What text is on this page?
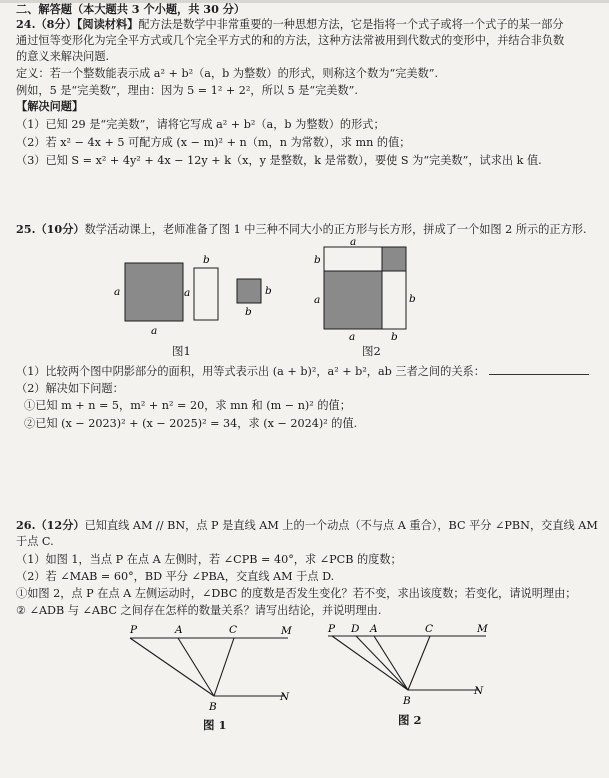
二、解答题（本大题共 3 个小题，共 30 分）
24.（8分）【阅读材料】配方法是数学中非常重要的一种思想方法，它是指将一个式子或将一个式子的某一部分
通过恒等变形化为完全平方式或几个完全平方式的和的方法，这种方法常被用到代数式的变形中，并结合非负数
的意义来解决问题.
定义：若一个整数能表示成 a² + b²（a，b 为整数）的形式，则称这个数为“完美数”.
例如，5 是“完美数”，理由：因为 5 = 1² + 2²，所以 5 是“完美数”.
【解决问题】
（1）已知 29 是“完美数”，请将它写成 a² + b²（a，b 为整数）的形式；
（2）若 x² − 4x + 5 可配方成 (x − m)² + n（m，n 为常数），求 mn 的值；
（3）已知 S = x² + 4y² + 4x − 12y + k（x，y 是整数，k 是常数），要使 S 为“完美数”，试求出 k 值.
25.（10分）数学活动课上，老师准备了图 1 中三种不同大小的正方形与长方形，拼成了一个如图 2 所示的正方形.
a
a
b
a	b
b
图1
a
b
a	b
a	b
图2
（1）比较两个图中阴影部分的面积，用等式表示出 (a + b)²，a² + b²，ab 三者之间的关系：
（2）解决如下问题：
①已知 m + n = 5，m² + n² = 20，求 mn 和 (m − n)² 的值；
②已知 (x − 2023)² + (x − 2025)² = 34，求 (x − 2024)² 的值.
26.（12分）已知直线 AM // BN，点 P 是直线 AM 上的一个动点（不与点 A 重合），BC 平分 ∠PBN，交直线 AM
于点 C.
（1）如图 1，当点 P 在点 A 左侧时，若 ∠CPB = 40°，求 ∠PCB 的度数；
（2）若 ∠MAB = 60°，BD 平分 ∠PBA，交直线 AM 于点 D.
①如图 2，点 P 在点 A 左侧运动时，∠DBC 的度数是否发生变化？若不变，求出该度数；若变化，请说明理由；
② ∠ADB 与 ∠ABC 之间存在怎样的数量关系？请写出结论，并说明理由.
P	A	C	M
B
N
图 1
P D A	C	M
B
N
图 2
